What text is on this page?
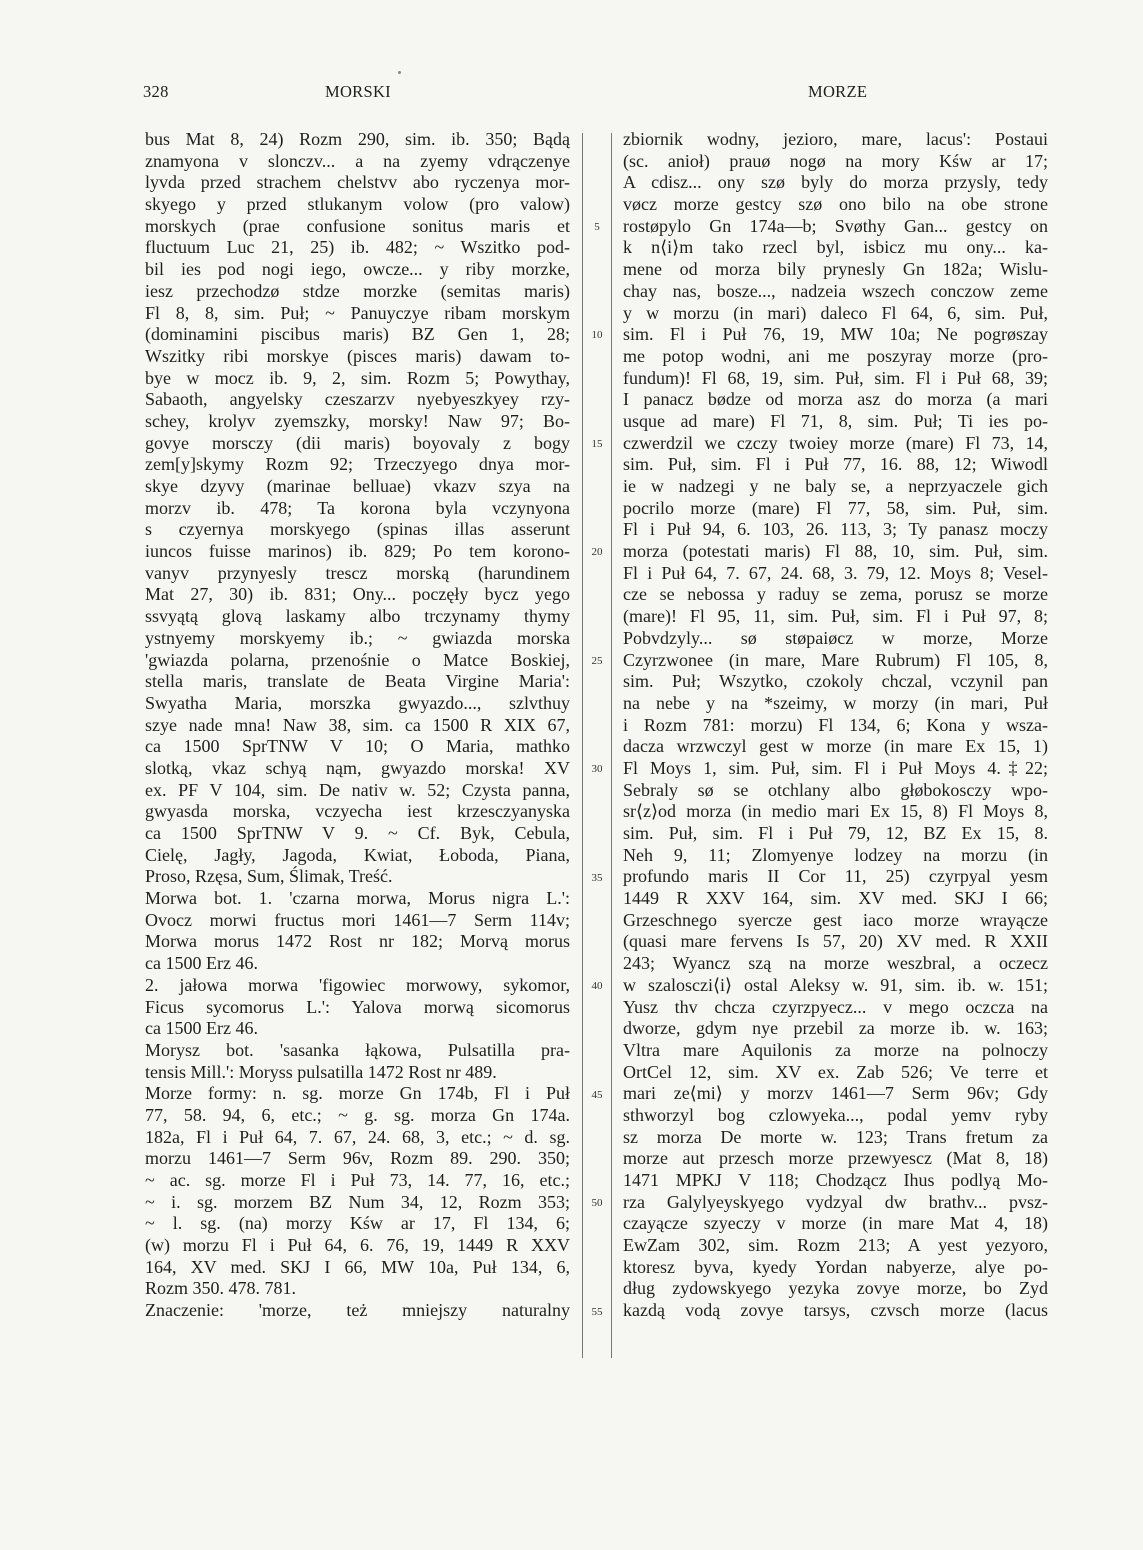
328	MORSKI	MORZE
bus Mat 8, 24) Rozm 290, sim. ib. 350; Bądą
znamyona v slonczv... a na zyemy vdrączenye
lyvda przed strachem chelstvv abo ryczenya mor-
skyego y przed stlukanym volow (pro valow)
morskych (prae confusione sonitus maris et
fluctuum Luc 21, 25) ib. 482; ~ Wszitko pod-
bil ies pod nogi iego, owcze... y riby morzke,
iesz przechodzø stdze morzke (semitas maris)
Fl 8, 8, sim. Puł; ~ Panuyczye ribam morskym
(dominamini piscibus maris) BZ Gen 1, 28;
Wszitky ribi morskye (pisces maris) dawam to-
bye w mocz ib. 9, 2, sim. Rozm 5; Powythay,
Sabaoth, angyelsky czeszarzv nyebyeszkyey rzy-
schey, krolyv zyemszky, morsky! Naw 97; Bo-
govye morsczy (dii maris) boyovaly z bogy
zem[y]skymy Rozm 92; Trzeczyego dnya mor-
skye dzyvy (marinae belluae) vkazv szya na
morzv ib. 478; Ta korona byla vczynyona
s czyernya morskyego (spinas illas asserunt
iuncos fuisse marinos) ib. 829; Po tem korono-
vanyv przynyesly trescz morską (harundinem
Mat 27, 30) ib. 831; Ony... poczęły bycz yego
ssvyątą glovą laskamy albo trczynamy thymy
ystnyemy morskyemy ib.; ~ gwiazda morska
'gwiazda polarna, przenośnie o Matce Boskiej,
stella maris, translate de Beata Virgine Maria':
Swyatha Maria, morszka gwyazdo..., szlvthuy
szye nade mna! Naw 38, sim. ca 1500 R XIX 67,
ca 1500 SprTNW V 10; O Maria, mathko
slotką, vkaz schyą nąm, gwyazdo morska! XV
ex. PF V 104, sim. De nativ w. 52; Czysta panna,
gwyasda morska, vczyecha iest krzesczyanyska
ca 1500 SprTNW V 9. ~ Cf. Byk, Cebula,
Cielę, Jagły, Jagoda, Kwiat, Łoboda, Piana,
Proso, Rzęsa, Sum, Ślimak, Treść.
Morwa bot. 1. 'czarna morwa, Morus nigra L.':
Ovocz morwi fructus mori 1461—7 Serm 114v;
Morwa morus 1472 Rost nr 182; Morvą morus
ca 1500 Erz 46.
2. jałowa morwa 'figowiec morwowy, sykomor,
Ficus sycomorus L.': Yalova morwą sicomorus
ca 1500 Erz 46.
Morysz bot. 'sasanka łąkowa, Pulsatilla pra-
tensis Mill.': Moryss pulsatilla 1472 Rost nr 489.
Morze formy: n. sg. morze Gn 174b, Fl i Puł
77, 58. 94, 6, etc.; ~ g. sg. morza Gn 174a.
182a, Fl i Puł 64, 7. 67, 24. 68, 3, etc.; ~ d. sg.
morzu 1461—7 Serm 96v, Rozm 89. 290. 350;
~ ac. sg. morze Fl i Puł 73, 14. 77, 16, etc.;
~ i. sg. morzem BZ Num 34, 12, Rozm 353;
~ l. sg. (na) morzy Kśw ar 17, Fl 134, 6;
(w) morzu Fl i Puł 64, 6. 76, 19, 1449 R XXV
164, XV med. SKJ I 66, MW 10a, Puł 134, 6,
Rozm 350. 478. 781.
Znaczenie: 'morze, też mniejszy naturalny
5
10
15
20
25
30
35
40
45
50
55
zbiornik wodny, jezioro, mare, lacus': Postaui
(sc. anioł) prauø nogø na mory Kśw ar 17;
A cdisz... ony szø byly do morza przysly, tedy
vøcz morze gestcy szø ono bilo na obe strone
rostøpylo Gn 174a—b; Svøthy Gan... gestcy on
k n⟨i⟩m tako rzecl byl, isbicz mu ony... ka-
mene od morza bily prynesly Gn 182a; Wislu-
chay nas, bosze..., nadzeia wszech conczow zeme
y w morzu (in mari) daleco Fl 64, 6, sim. Puł,
sim. Fl i Puł 76, 19, MW 10a; Ne pogrøszay
me potop wodni, ani me poszyray morze (pro-
fundum)! Fl 68, 19, sim. Puł, sim. Fl i Puł 68, 39;
I panacz bødze od morza asz do morza (a mari
usque ad mare) Fl 71, 8, sim. Puł; Ti ies po-
czwerdzil we czczy twoiey morze (mare) Fl 73, 14,
sim. Puł, sim. Fl i Puł 77, 16. 88, 12; Wiwodl
ie w nadzegi y ne baly se, a neprzyaczele gich
pocrilo morze (mare) Fl 77, 58, sim. Puł, sim.
Fl i Puł 94, 6. 103, 26. 113, 3; Ty panasz moczy
morza (potestati maris) Fl 88, 10, sim. Puł, sim.
Fl i Puł 64, 7. 67, 24. 68, 3. 79, 12. Moys 8; Vesel-
cze se nebossa y raduy se zema, porusz se morze
(mare)! Fl 95, 11, sim. Puł, sim. Fl i Puł 97, 8;
Pobvdzyly... sø støpaiøcz w morze, Morze
Czyrzwonee (in mare, Mare Rubrum) Fl 105, 8,
sim. Puł; Wszytko, czokoly chczal, vczynil pan
na nebe y na *szeimy, w morzy (in mari, Puł
i Rozm 781: morzu) Fl 134, 6; Kona y wsza-
dacza wrzwczyl gest w morze (in mare Ex 15, 1)
Fl Moys 1, sim. Puł, sim. Fl i Puł Moys 4.‡22;
Sebraly sø se otchlany albo głøbokosczy wpo-
sr⟨z⟩od morza (in medio mari Ex 15, 8) Fl Moys 8,
sim. Puł, sim. Fl i Puł 79, 12, BZ Ex 15, 8.
Neh 9, 11; Zlomyenye lodzey na morzu (in
profundo maris II Cor 11, 25) czyrpyal yesm
1449 R XXV 164, sim. XV med. SKJ I 66;
Grzeschnego syercze gest iaco morze wrayącze
(quasi mare fervens Is 57, 20) XV med. R XXII
243; Wyancz szą na morze weszbral, a oczecz
w szalosczi⟨i⟩ ostal Aleksy w. 91, sim. ib. w. 151;
Yusz thv chcza czyrzpyecz... v mego oczcza na
dworze, gdym nye przebil za morze ib. w. 163;
Vltra mare Aquilonis za morze na polnoczy
OrtCel 12, sim. XV ex. Zab 526; Ve terre et
mari ze⟨mi⟩ y morzv 1461—7 Serm 96v; Gdy
sthworzyl bog czlowyeka..., podal yemv ryby
sz morza De morte w. 123; Trans fretum za
morze aut przesch morze przewyescz (Mat 8, 18)
1471 MPKJ V 118; Chodzącz Ihus podlyą Mo-
rza Galylyeyskyego vydzyal dw brathv... pvsz-
czayącze szyeczy v morze (in mare Mat 4, 18)
EwZam 302, sim. Rozm 213; A yest yezyoro,
ktoresz byva, kyedy Yordan nabyerze, alye po-
dług zydowskyego yezyka zovye morze, bo Zyd
kazdą vodą zovye tarsys, czvsch morze (lacus
